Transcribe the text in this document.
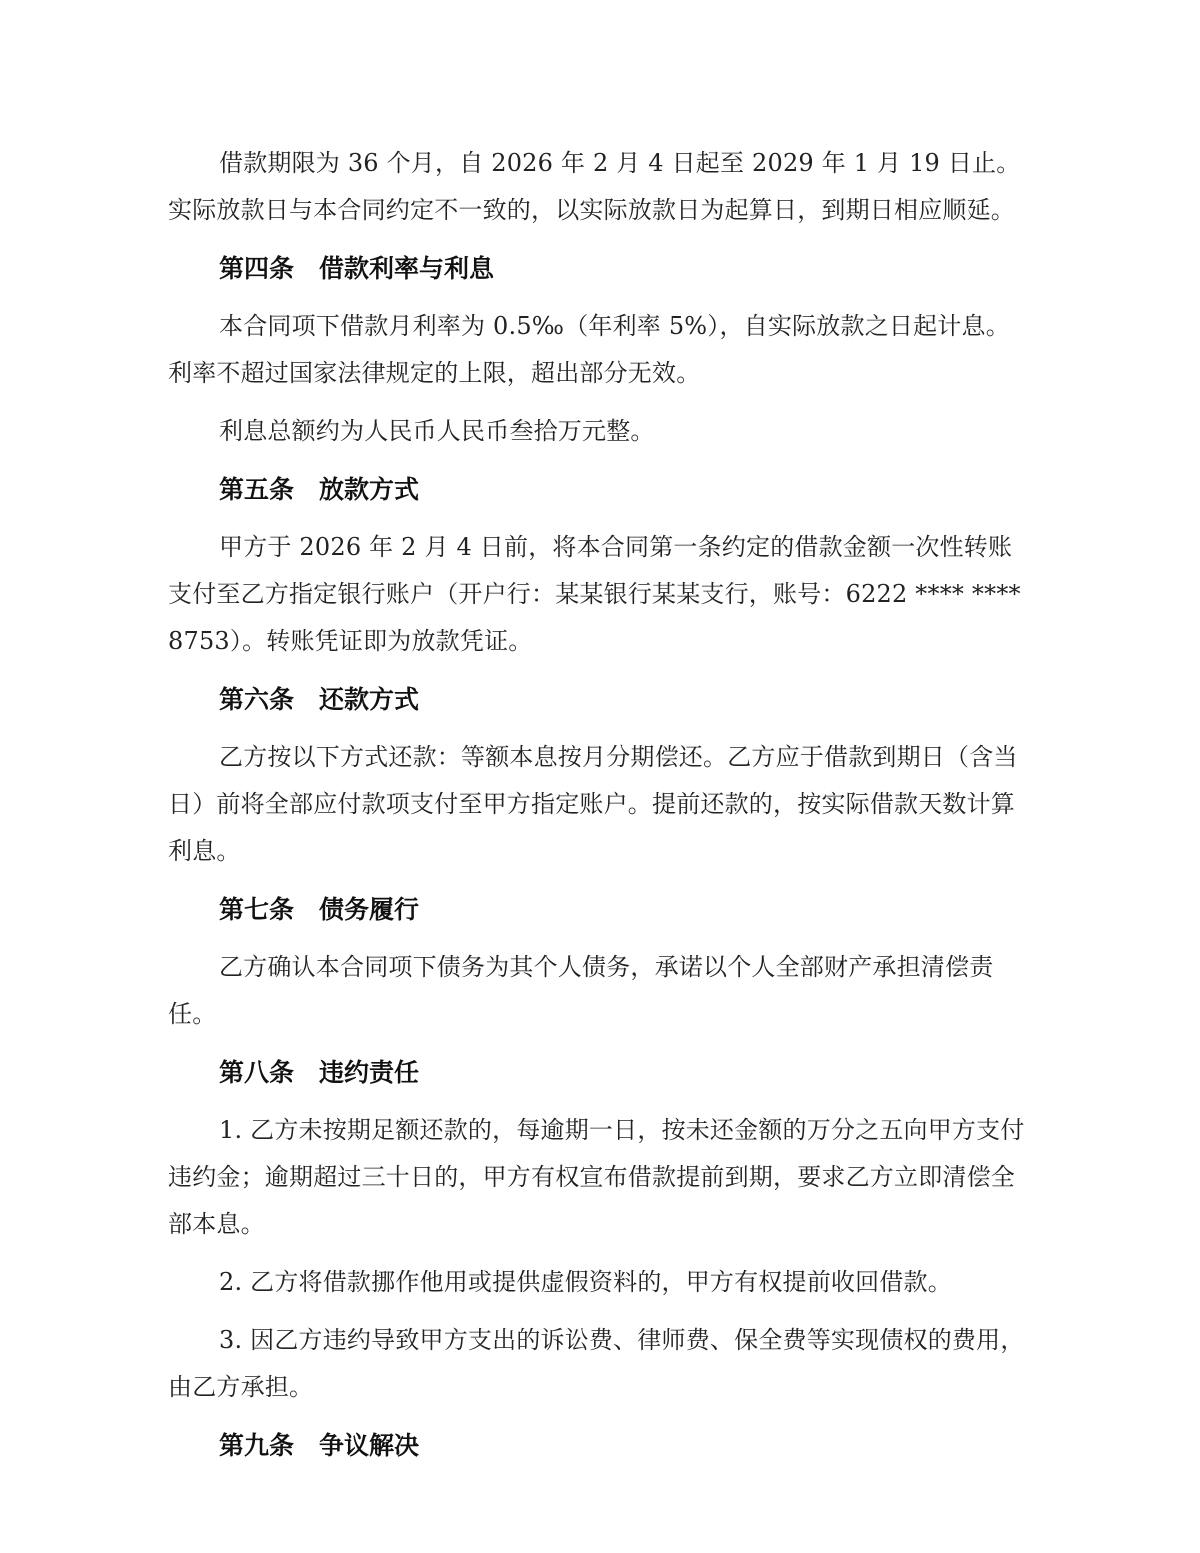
借款期限为 36 个月，自 2026 年 2 月 4 日起至 2029 年 1 月 19 日止。实际放款日与本合同约定不一致的，以实际放款日为起算日，到期日相应顺延。

第四条　借款利率与利息

本合同项下借款月利率为 0.5‰（年利率 5%），自实际放款之日起计息。利率不超过国家法律规定的上限，超出部分无效。

利息总额约为人民币人民币叁拾万元整。

第五条　放款方式

甲方于 2026 年 2 月 4 日前，将本合同第一条约定的借款金额一次性转账支付至乙方指定银行账户（开户行：某某银行某某支行，账号：6222 **** **** 8753）。转账凭证即为放款凭证。

第六条　还款方式

乙方按以下方式还款：等额本息按月分期偿还。乙方应于借款到期日（含当日）前将全部应付款项支付至甲方指定账户。提前还款的，按实际借款天数计算利息。

第七条　债务履行

乙方确认本合同项下债务为其个人债务，承诺以个人全部财产承担清偿责任。

第八条　违约责任

1. 乙方未按期足额还款的，每逾期一日，按未还金额的万分之五向甲方支付违约金；逾期超过三十日的，甲方有权宣布借款提前到期，要求乙方立即清偿全部本息。

2. 乙方将借款挪作他用或提供虚假资料的，甲方有权提前收回借款。

3. 因乙方违约导致甲方支出的诉讼费、律师费、保全费等实现债权的费用，由乙方承担。

第九条　争议解决
